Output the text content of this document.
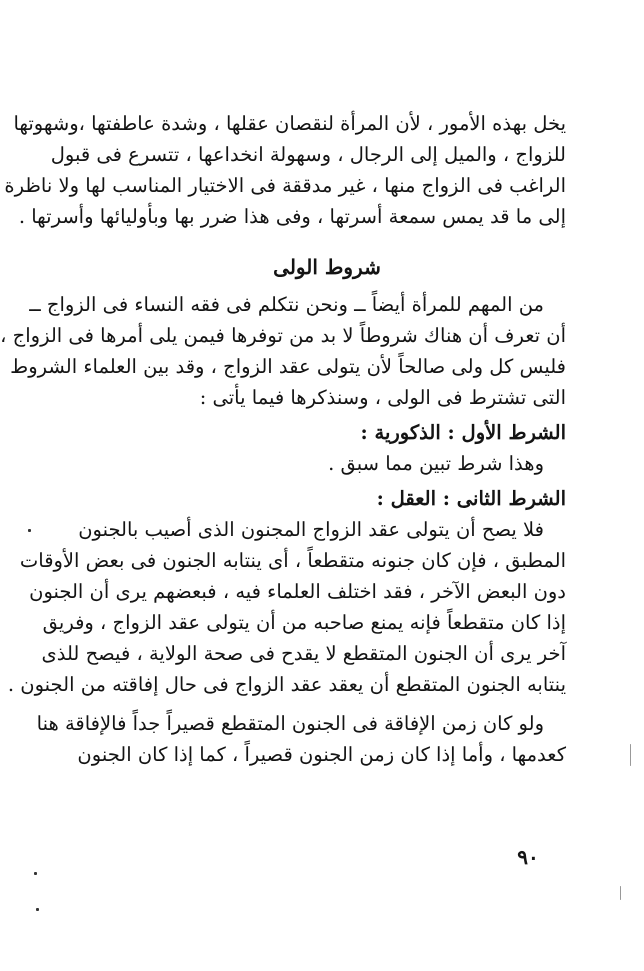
يخل بهذه الأمور ، لأن المرأة لنقصان عقلها ، وشدة عاطفتها ،وشهوتها
للزواج ، والميل إلى الرجال ، وسهولة انخداعها ، تتسرع فى قبول
الراغب فى الزواج منها ، غير مدققة فى الاختيار المناسب لها ولا ناظرة
إلى ما قد يمس سمعة أسرتها ، وفى هذا ضرر بها وبأوليائها وأسرتها .
شروط الولى
من المهم للمرأة أيضاً ــ ونحن نتكلم فى فقه النساء فى الزواج ــ
أن تعرف أن هناك شروطاً لا بد من توفرها فيمن يلى أمرها فى الزواج ،
فليس كل ولى صالحاً لأن يتولى عقد الزواج ، وقد بين العلماء الشروط
التى تشترط فى الولى ، وسنذكرها فيما يأتى :
الشرط الأول : الذكورية :
وهذا شرط تبين مما سبق .
الشرط الثانى : العقل :
فلا يصح أن يتولى عقد الزواج المجنون الذى أصيب بالجنون
المطبق ، فإن كان جنونه متقطعاً ، أى ينتابه الجنون فى بعض الأوقات
دون البعض الآخر ، فقد اختلف العلماء فيه ، فبعضهم يرى أن الجنون
إذا كان متقطعاً فإنه يمنع صاحبه من أن يتولى عقد الزواج ، وفريق
آخر يرى أن الجنون المتقطع لا يقدح فى صحة الولاية ، فيصح للذى
ينتابه الجنون المتقطع أن يعقد عقد الزواج فى حال إفاقته من الجنون .
ولو كان زمن الإفاقة فى الجنون المتقطع قصيراً جداً فالإفاقة هنا
كعدمها ، وأما إذا كان زمن الجنون قصيراً ، كما إذا كان الجنون
٩٠
